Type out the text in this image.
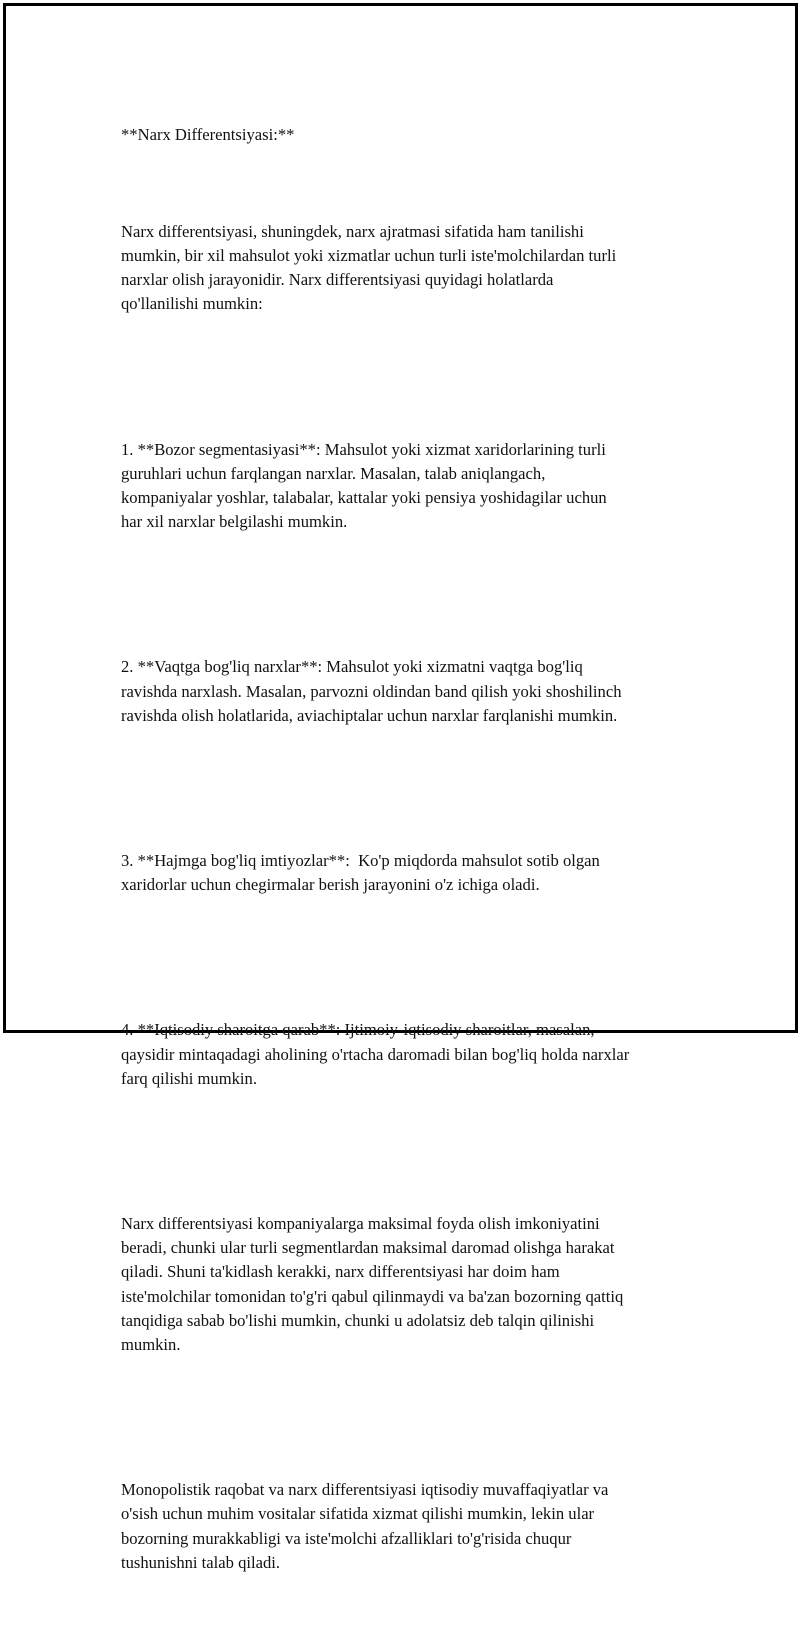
**Narx Differentsiyasi:**

Narx differentsiyasi, shuningdek, narx ajratmasi sifatida ham tanilishi
mumkin, bir xil mahsulot yoki xizmatlar uchun turli iste'molchilardan turli
narxlar olish jarayonidir. Narx differentsiyasi quyidagi holatlarda
qo'llanilishi mumkin:

1. **Bozor segmentasiyasi**: Mahsulot yoki xizmat xaridorlarining turli
guruhlari uchun farqlangan narxlar. Masalan, talab aniqlangach,
kompaniyalar yoshlar, talabalar, kattalar yoki pensiya yoshidagilar uchun
har xil narxlar belgilashi mumkin.

2. **Vaqtga bog'liq narxlar**: Mahsulot yoki xizmatni vaqtga bog'liq
ravishda narxlash. Masalan, parvozni oldindan band qilish yoki shoshilinch
ravishda olish holatlarida, aviachiptalar uchun narxlar farqlanishi mumkin.

3. **Hajmga bog'liq imtiyozlar**:  Ko'p miqdorda mahsulot sotib olgan
xaridorlar uchun chegirmalar berish jarayonini o'z ichiga oladi.

4. **Iqtisodiy sharoitga qarab**: Ijtimoiy-iqtisodiy sharoitlar, masalan,
qaysidir mintaqadagi aholining o'rtacha daromadi bilan bog'liq holda narxlar
farq qilishi mumkin.

Narx differentsiyasi kompaniyalarga maksimal foyda olish imkoniyatini
beradi, chunki ular turli segmentlardan maksimal daromad olishga harakat
qiladi. Shuni ta'kidlash kerakki, narx differentsiyasi har doim ham
iste'molchilar tomonidan to'g'ri qabul qilinmaydi va ba'zan bozorning qattiq
tanqidiga sabab bo'lishi mumkin, chunki u adolatsiz deb talqin qilinishi
mumkin.

Monopolistik raqobat va narx differentsiyasi iqtisodiy muvaffaqiyatlar va
o'sish uchun muhim vositalar sifatida xizmat qilishi mumkin, lekin ular
bozorning murakkabligi va iste'molchi afzalliklari to'g'risida chuqur
tushunishni talab qiladi.
